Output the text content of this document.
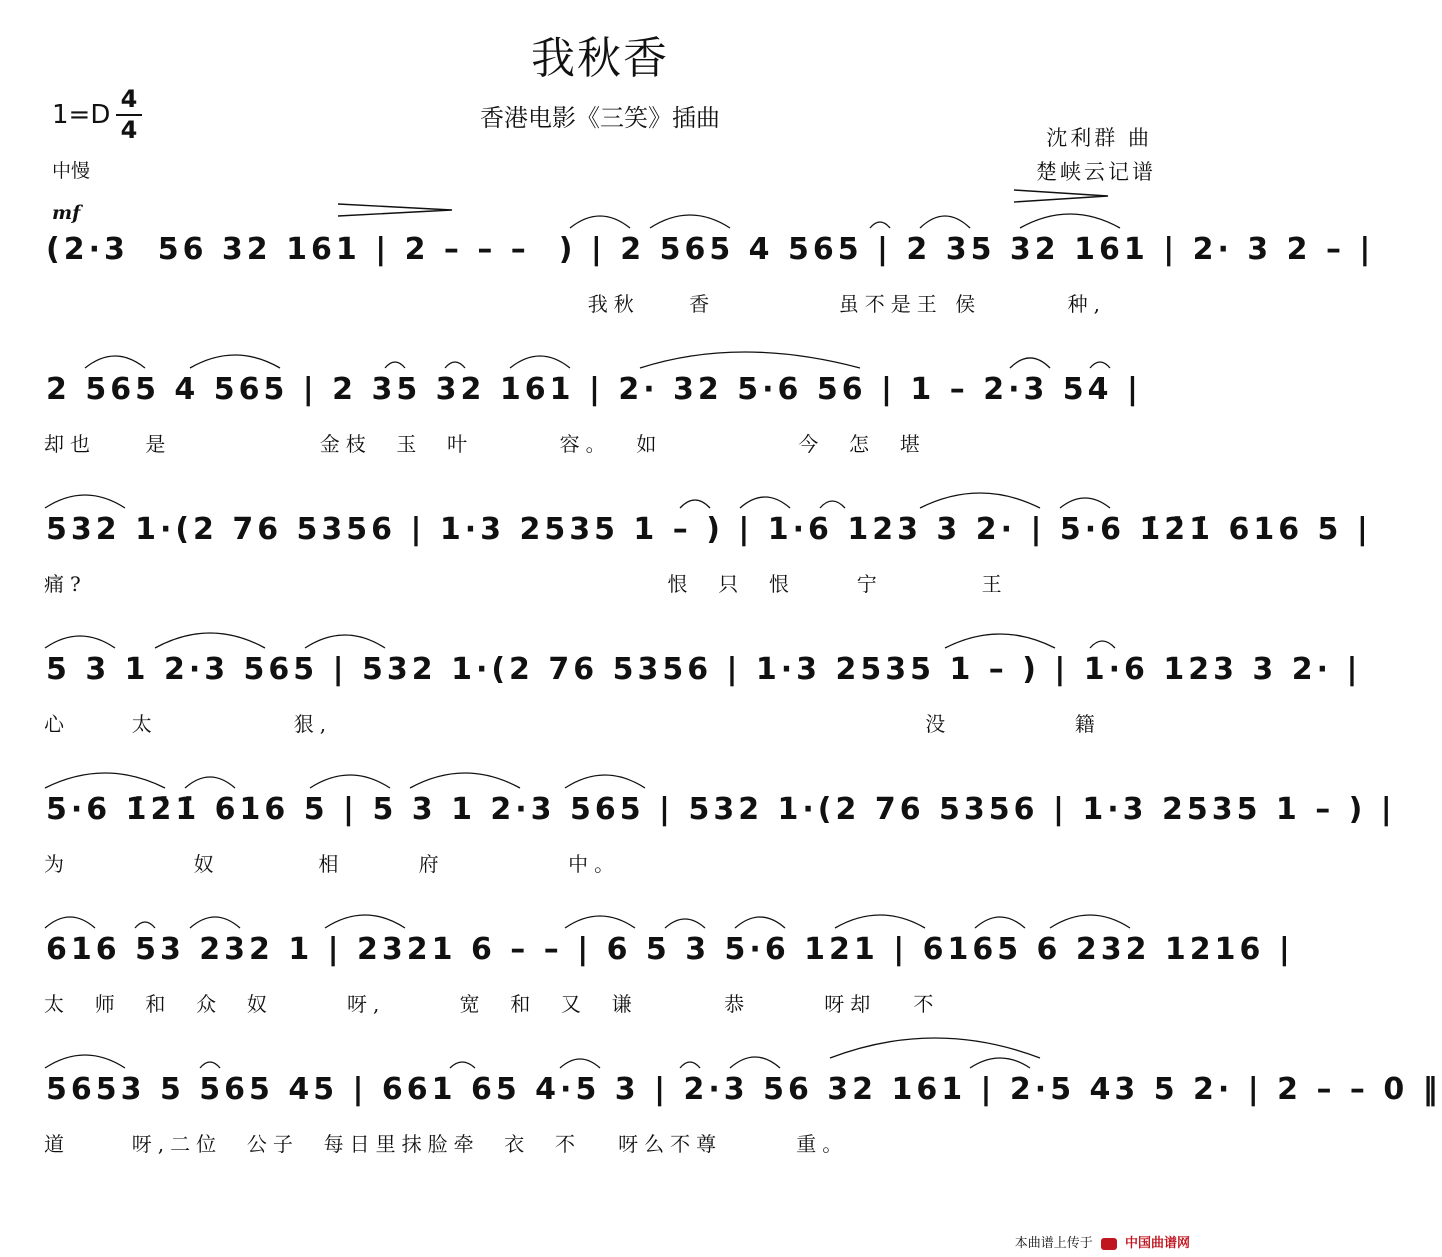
我秋香
香港电影《三笑》插曲
1=D
4
4
中慢
沈利群 曲
楚峡云记谱
mf
(2·3  56 32 161 | 2 – – –  ) | 2 565 4 565 | 2 35 32 161 | 2· 3 2 – |
我秋    香          虽不是王 侯       种,
2 565 4 565 | 2 35 32 161 | 2· 32 5·6 56 | 1 – 2·3 54 |
却也    是            金枝  玉  叶       容。  如           今  怎  堪
532 1·(2 76 5356 | 1·3 2535 1 – ) | 1·6 123 3 2· | 5·6 1̇2̇1̇ 616 5 |
痛?                                               恨  只  恨     宁        王
5 3 1 2·3 565 | 532 1·(2 76 5356 | 1·3 2535 1 – ) | 1·6 123 3 2· |
心     太           狠,                                                没          籍
5·6 1̇2̇1̇ 616 5 | 5 3 1 2·3 565 | 532 1·(2 76 5356 | 1·3 2535 1 – ) |
为          奴        相      府          中。
616 53 232 1 | 2321 6 – – | 6 5 3 5·6 121 | 6165 6 232 1216 |
太  师  和  众  奴      呀,      宽  和  又  谦       恭      呀却   不
5653 5 565 45 | 661 65 4·5 3 | 2·3 56 32 161 | 2·5 43 5 2· | 2 – – 0 ‖
道     呀,二位  公子  每日里抹脸牵  衣  不   呀么不尊      重。
本曲谱上传于 中国曲谱网
